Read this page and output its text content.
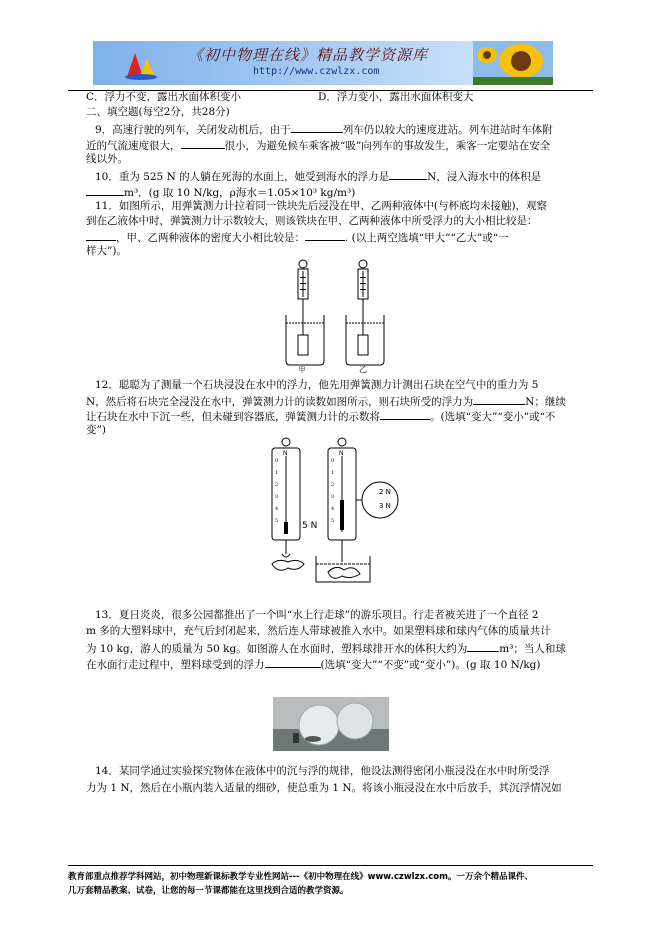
《初中物理在线》精品教学资源库
http://www.czwlzx.com
C．浮力不变，露出水面体积变小	D．浮力变小，露出水面体积变大
二、填空题(每空2分，共28分)
9．高速行驶的列车，关闭发动机后，由于	列车仍以较大的速度进站。列车进站时车体附
近的气流速度很大，	很小，为避免候车乘客被“吸”向列车的事故发生，乘客一定要站在安全
线以外。
10．重为 525 N 的人躺在死海的水面上，她受到海水的浮力是	N，浸入海水中的体积是
m³．(g 取 10 N/kg，ρ海水＝1.05×10³ kg/m³)
11．如图所示，用弹簧测力计拉着同一铁块先后浸没在甲、乙两种液体中(与杯底均未接触)，观察
到在乙液体中时，弹簧测力计示数较大，则该铁块在甲、乙两种液体中所受浮力的大小相比较是：
，甲、乙两种液体的密度大小相比较是：	. (以上两空选填“甲大”“乙大”或“一
样大”)。
甲	乙
12．聪聪为了测量一个石块浸没在水中的浮力，他先用弹簧测力计测出石块在空气中的重力为 5
N，然后将石块完全浸没在水中，弹簧测力计的读数如图所示，则石块所受的浮力为	N；继续
让石块在水中下沉一些，但未碰到容器底，弹簧测力计的示数将	。(选填“变大”“变小”或“不
变”)
N	N
0
1
2
3
4
5
0
1
2
3
4
5
5 N
2 N
3 N
13．夏日炎炎，很多公园都推出了一个叫“水上行走球”的游乐项目。行走者被关进了一个直径 2
m 多的大塑料球中，充气后封闭起来，然后连人带球被推入水中。如果塑料球和球内气体的质量共计
为 10 kg，游人的质量为 50 kg。如图游人在水面时，塑料球排开水的体积大约为	m³；当人和球
在水面行走过程中，塑料球受到的浮力	(选填“变大”“不变”或“变小”)。(g 取 10 N/kg)
14．某同学通过实验探究物体在液体中的沉与浮的规律，他设法测得密闭小瓶浸没在水中时所受浮
力为 1 N，然后在小瓶内装入适量的细砂，使总重为 1 N。将该小瓶浸没在水中后放手，其沉浮情况如
教育部重点推荐学科网站，初中物理新课标教学专业性网站---《初中物理在线》www.czwlzx.com。一万余个精品课件、
几万套精品教案、试卷，让您的每一节课都能在这里找到合适的教学资源。
